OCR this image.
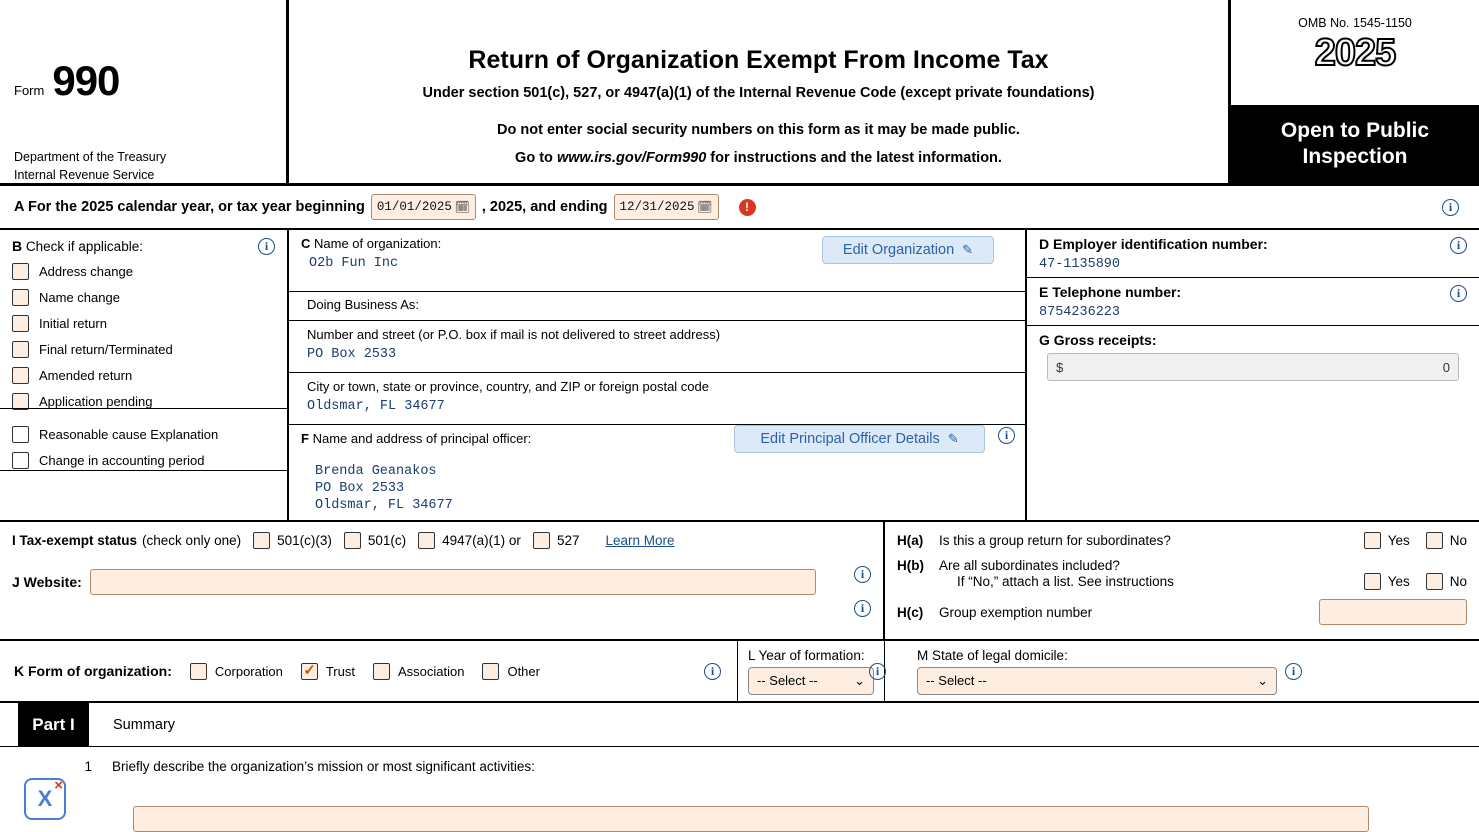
Form 990
Department of the Treasury
Internal Revenue Service
Return of Organization Exempt From Income Tax
Under section 501(c), 527, or 4947(a)(1) of the Internal Revenue Code (except private foundations)
Do not enter social security numbers on this form as it may be made public.
Go to www.irs.gov/Form990 for instructions and the latest information.
OMB No. 1545-1150
2025
Open to Public Inspection
A For the 2025 calendar year, or tax year beginning 01/01/2025 🗓 , 2025, and ending 12/31/2025 🗓	!	i
B Check if applicable:	i
Address change
Name change
Initial return
Final return/Terminated
Amended return
Application pending
Reasonable cause Explanation
Change in accounting period
C Name of organization:
O2b Fun Inc
Edit Organization ✎
Doing Business As:
Number and street (or P.O. box if mail is not delivered to street address)
PO Box 2533
City or town, state or province, country, and ZIP or foreign postal code
Oldsmar, FL 34677
F Name and address of principal officer:	Edit Principal Officer Details ✎
Brenda Geanakos
PO Box 2533
Oldsmar, FL 34677
i
D Employer identification number:
47-1135890
i
E Telephone number:
8754236223
i
G Gross receipts:
$	0
I Tax-exempt status (check only one)	501(c)(3)	501(c)	4947(a)(1) or	527 Learn More
J Website:	i
i
H(a)	Is this a group return for subordinates?	Yes	No
H(b)	Are all subordinates included?
If “No,” attach a list. See instructions	Yes	No
H(c)	Group exemption number
K Form of organization:	Corporation ✓	Trust	Association	Other	i
L Year of formation:
-- Select --	⌄
M State of legal domicile:
-- Select --	⌄
i	i
Part I	Summary
1	Briefly describe the organization’s mission or most significant activities:
X ×
